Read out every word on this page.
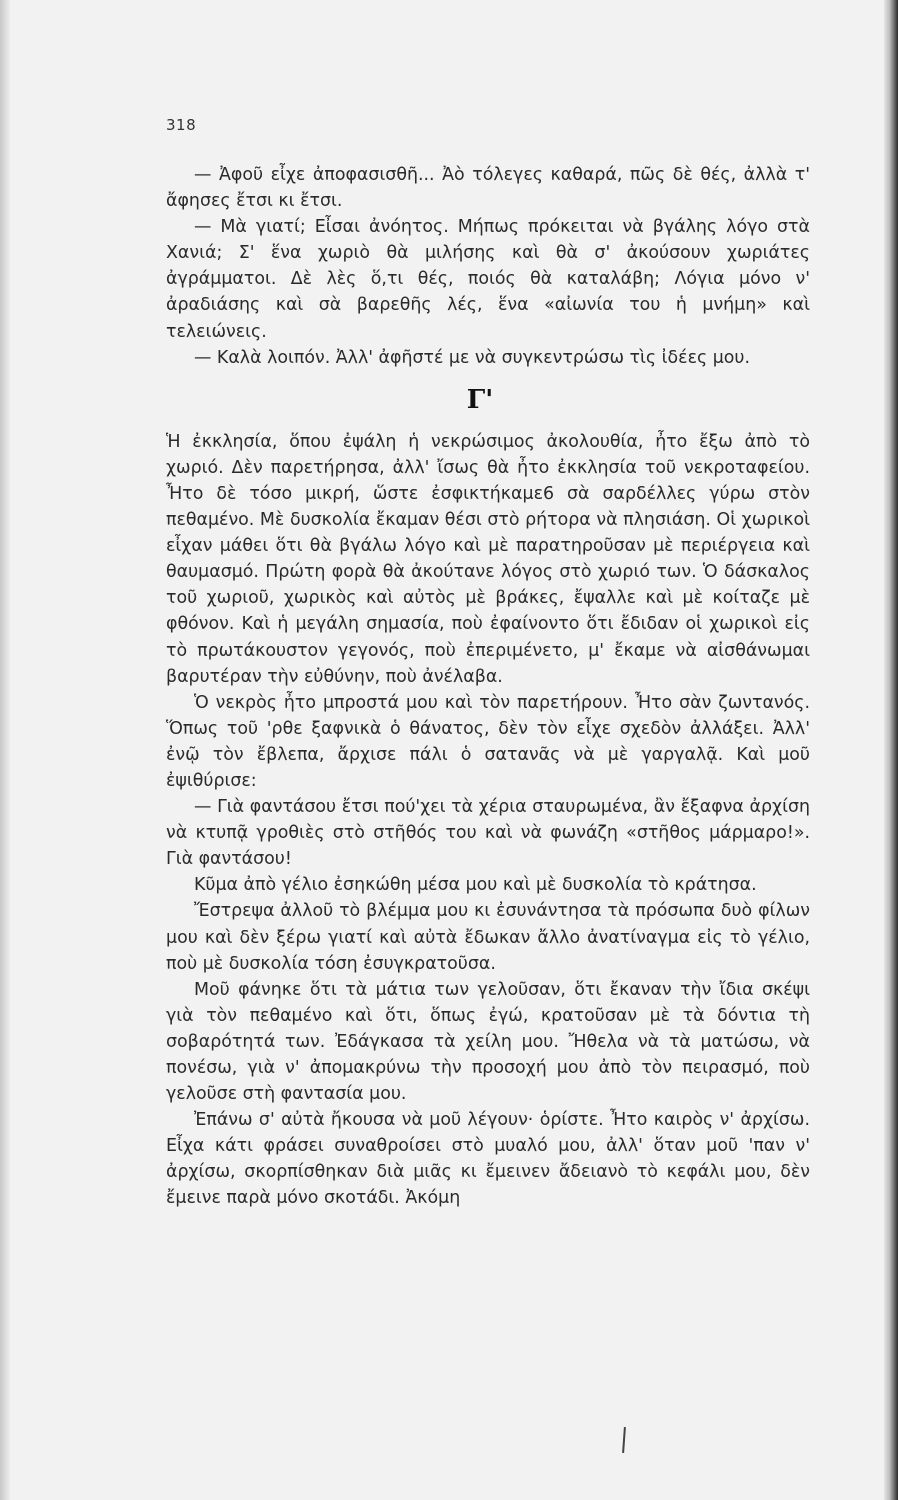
318

— Ἀφοῦ εἶχε ἀποφασισθῆ... Ἀὸ τόλεγες καθαρά, πῶς δὲ θές, ἀλλὰ τ' ἄφησες ἔτσι κι ἔτσι.

— Μὰ γιατί; Εἶσαι ἀνόητος. Μήπως πρόκειται νὰ βγάλης λόγο στὰ Χανιά; Σ' ἕνα χωριὸ θὰ μιλήσης καὶ θὰ σ' ἀκούσουν χωριάτες ἀγράμματοι. Δὲ λὲς ὅ,τι θές, ποιός θὰ καταλάβη; Λόγια μόνο ν' ἀραδιάσης καὶ σὰ βαρεθῆς λές, ἕνα «αἰωνία του ἡ μνήμη» καὶ τελειώνεις.

— Καλὰ λοιπόν. Ἀλλ' ἀφῆστέ με νὰ συγκεντρώσω τὶς ἰδέες μου.

Γ'

Ἡ ἐκκλησία, ὅπου ἐψάλη ἡ νεκρώσιμος ἀκολουθία, ἦτο ἔξω ἀπὸ τὸ χωριό. Δὲν παρετήρησα, ἀλλ' ἴσως θὰ ἦτο ἐκκλησία τοῦ νεκροταφείου. Ἦτο δὲ τόσο μικρή, ὥστε ἐσφικτήκαμε6 σὰ σαρδέλλες γύρω στὸν πεθαμένο. Μὲ δυσκολία ἔκαμαν θέσι στὸ ρήτορα νὰ πλησιάση. Οἱ χωρικοὶ εἶχαν μάθει ὅτι θὰ βγάλω λόγο καὶ μὲ παρατηροῦσαν μὲ περιέργεια καὶ θαυμασμό. Πρώτη φορὰ θὰ ἀκούτανε λόγος στὸ χωριό των. Ὁ δάσκαλος τοῦ χωριοῦ, χωρικὸς καὶ αὐτὸς μὲ βράκες, ἔψαλλε καὶ μὲ κοίταζε μὲ φθόνον. Καὶ ἡ μεγάλη σημασία, ποὺ ἐφαίνοντο ὅτι ἔδιδαν οἱ χωρικοὶ εἰς τὸ πρωτάκουστον γεγονός, ποὺ ἐπεριμένετο, μ' ἔκαμε νὰ αἰσθάνωμαι βαρυτέραν τὴν εὐθύνην, ποὺ ἀνέλαβα.

Ὁ νεκρὸς ἦτο μπροστά μου καὶ τὸν παρετήρουν. Ἦτο σὰν ζωντανός. Ὅπως τοῦ 'ρθε ξαφνικὰ ὁ θάνατος, δὲν τὸν εἶχε σχεδὸν ἀλλάξει. Ἀλλ' ἐνῷ τὸν ἔβλεπα, ἄρχισε πάλι ὁ σατανᾶς νὰ μὲ γαργαλᾷ. Καὶ μοῦ ἐψιθύρισε:

— Γιὰ φαντάσου ἔτσι πού'χει τὰ χέρια σταυρωμένα, ἂν ἔξαφνα ἀρχίση νὰ κτυπᾷ γροθιὲς στὸ στῆθός του καὶ νὰ φωνάζη «στῆθος μάρμαρο!». Γιὰ φαντάσου!

Κῦμα ἀπὸ γέλιο ἐσηκώθη μέσα μου καὶ μὲ δυσκολία τὸ κράτησα.

Ἔστρεψα ἀλλοῦ τὸ βλέμμα μου κι ἐσυνάντησα τὰ πρόσωπα δυὸ φίλων μου καὶ δὲν ξέρω γιατί καὶ αὐτὰ ἔδωκαν ἄλλο ἀνατίναγμα εἰς τὸ γέλιο, ποὺ μὲ δυσκολία τόση ἐσυγκρατοῦσα.

Μοῦ φάνηκε ὅτι τὰ μάτια των γελοῦσαν, ὅτι ἔκαναν τὴν ἴδια σκέψι γιὰ τὸν πεθαμένο καὶ ὅτι, ὅπως ἐγώ, κρατοῦσαν μὲ τὰ δόντια τὴ σοβαρότητά των. Ἐδάγκασα τὰ χείλη μου. Ἤθελα νὰ τὰ ματώσω, νὰ πονέσω, γιὰ ν' ἀπομακρύνω τὴν προσοχή μου ἀπὸ τὸν πειρασμό, ποὺ γελοῦσε στὴ φαντασία μου.

Ἐπάνω σ' αὐτὰ ἤκουσα νὰ μοῦ λέγουν· ὁρίστε. Ἦτο καιρὸς ν' ἀρχίσω. Εἶχα κάτι φράσει συναθροίσει στὸ μυαλό μου, ἀλλ' ὅταν μοῦ 'παν ν' ἀρχίσω, σκορπίσθηκαν διὰ μιᾶς κι ἔμεινεν ἄδειανὸ τὸ κεφάλι μου, δὲν ἔμεινε παρὰ μόνο σκοτάδι. Ἀκόμη
